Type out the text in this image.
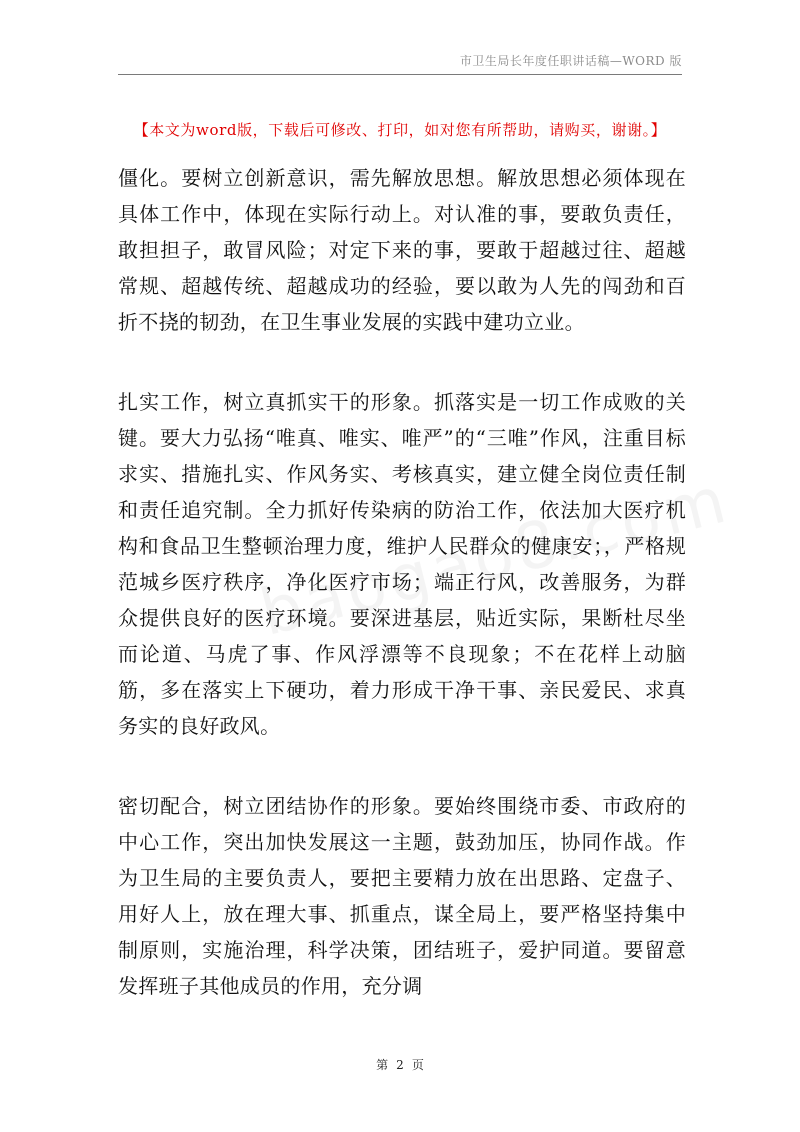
市卫生局长年度任职讲话稿—WORD 版
【本文为word版，下载后可修改、打印，如对您有所帮助，请购买，谢谢。】

僵化。要树立创新意识，需先解放思想。解放思想必须体现在具体工作中，体现在实际行动上。对认准的事，要敢负责任，敢担担子，敢冒风险；对定下来的事，要敢于超越过往、超越常规、超越传统、超越成功的经验，要以敢为人先的闯劲和百折不挠的韧劲，在卫生事业发展的实践中建功立业。

扎实工作，树立真抓实干的形象。抓落实是一切工作成败的关键。要大力弘扬“唯真、唯实、唯严”的“三唯”作风，注重目标求实、措施扎实、作风务实、考核真实，建立健全岗位责任制和责任追究制。全力抓好传染病的防治工作，依法加大医疗机构和食品卫生整顿治理力度，维护人民群众的健康安；，严格规范城乡医疗秩序，净化医疗市场；端正行风，改善服务，为群众提供良好的医疗环境。要深进基层，贴近实际，果断杜尽坐而论道、马虎了事、作风浮漂等不良现象；不在花样上动脑筋，多在落实上下硬功，着力形成干净干事、亲民爱民、求真务实的良好政风。

密切配合，树立团结协作的形象。要始终围绕市委、市政府的中心工作，突出加快发展这一主题，鼓劲加压，协同作战。作为卫生局的主要负责人，要把主要精力放在出思路、定盘子、用好人上，放在理大事、抓重点，谋全局上，要严格坚持集中制原则，实施治理，科学决策，团结班子，爱护同道。要留意发挥班子其他成员的作用，充分调

第 2 页
